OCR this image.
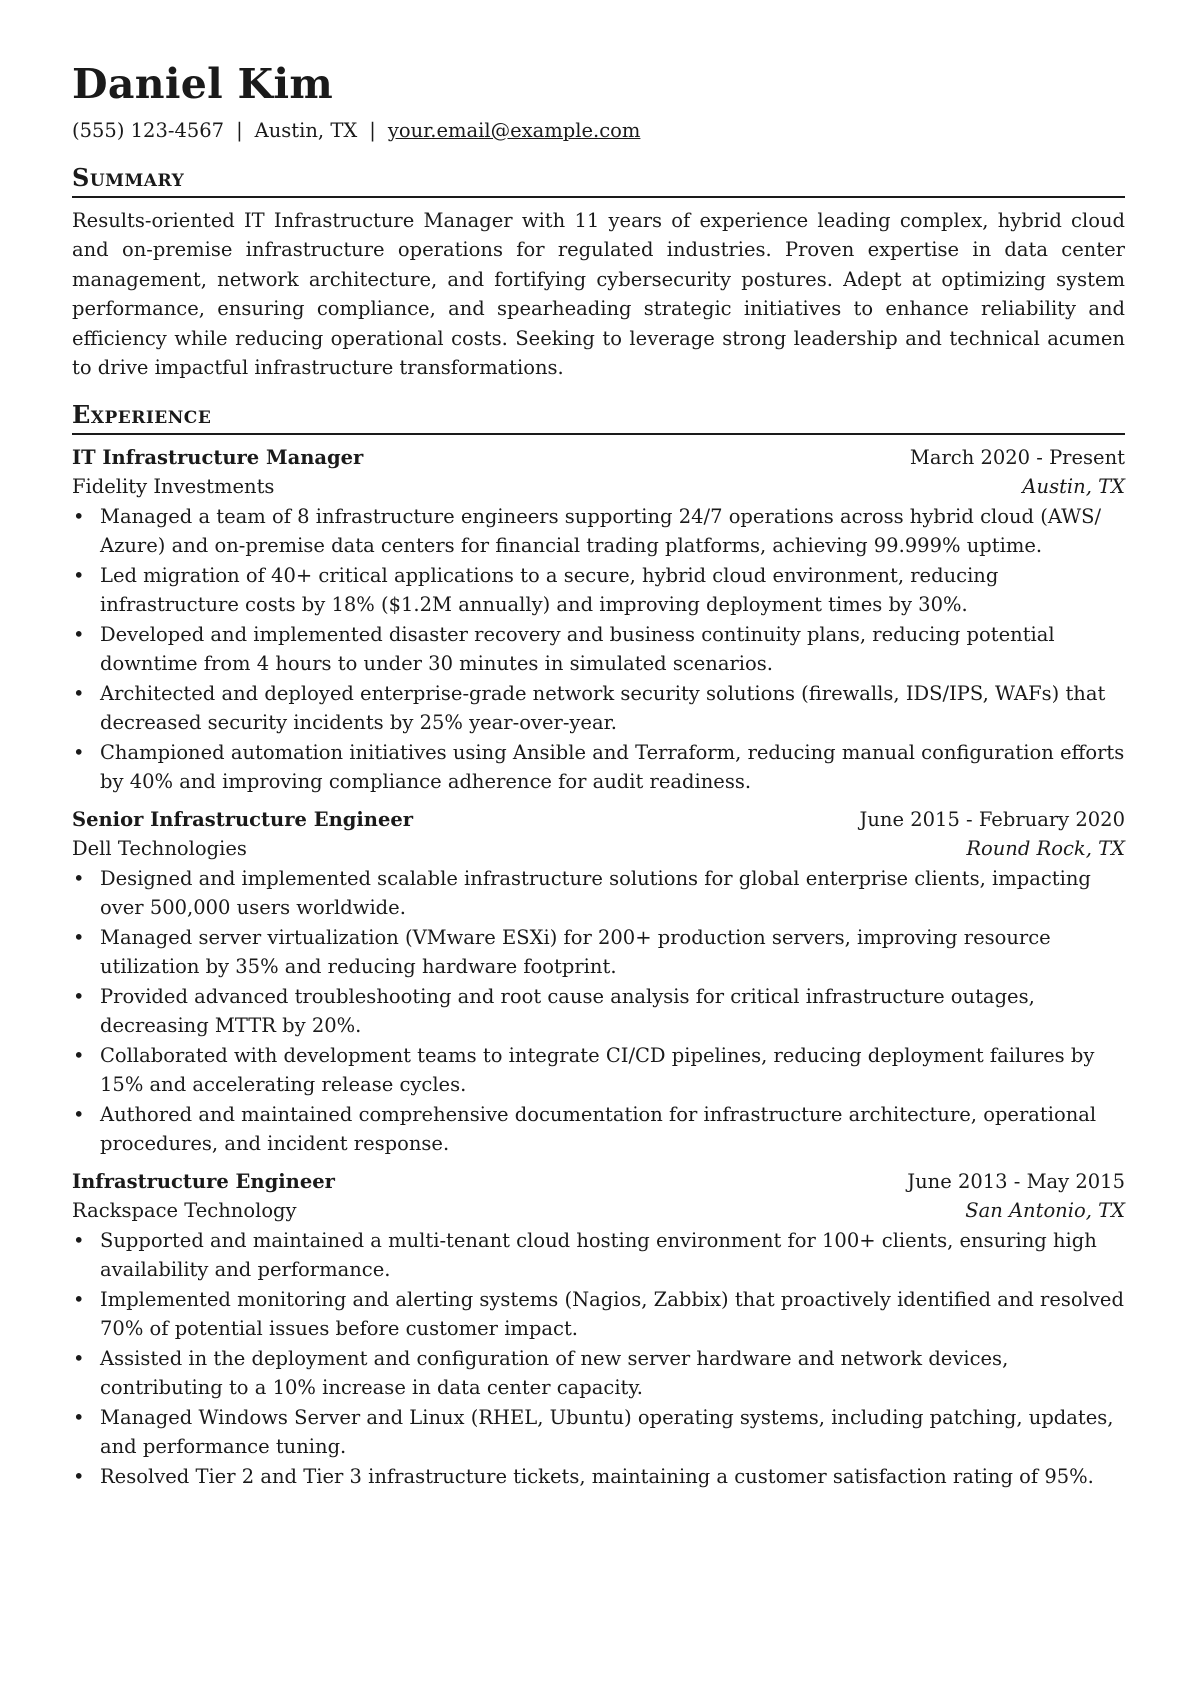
Daniel Kim
(555) 123-4567 | Austin, TX | your.email@example.com
Summary
Results-oriented IT Infrastructure Manager with 11 years of experience leading complex, hybrid cloud and on-premise infrastructure operations for regulated industries. Proven expertise in data center management, network architecture, and fortifying cybersecurity postures. Adept at optimizing system performance, ensuring compliance, and spearheading strategic initiatives to enhance reliability and efficiency while reducing operational costs. Seeking to leverage strong leadership and technical acumen to drive impactful infrastructure transformations.
Experience
IT Infrastructure Manager	March 2020 - Present
Fidelity Investments	Austin, TX
• Managed a team of 8 infrastructure engineers supporting 24/7 operations across hybrid cloud (AWS/ Azure) and on-premise data centers for financial trading platforms, achieving 99.999% uptime.
• Led migration of 40+ critical applications to a secure, hybrid cloud environment, reducing infrastructure costs by 18% ($1.2M annually) and improving deployment times by 30%.
• Developed and implemented disaster recovery and business continuity plans, reducing potential downtime from 4 hours to under 30 minutes in simulated scenarios.
• Architected and deployed enterprise-grade network security solutions (firewalls, IDS/IPS, WAFs) that decreased security incidents by 25% year-over-year.
• Championed automation initiatives using Ansible and Terraform, reducing manual configuration efforts by 40% and improving compliance adherence for audit readiness.
Senior Infrastructure Engineer	June 2015 - February 2020
Dell Technologies	Round Rock, TX
• Designed and implemented scalable infrastructure solutions for global enterprise clients, impacting over 500,000 users worldwide.
• Managed server virtualization (VMware ESXi) for 200+ production servers, improving resource utilization by 35% and reducing hardware footprint.
• Provided advanced troubleshooting and root cause analysis for critical infrastructure outages, decreasing MTTR by 20%.
• Collaborated with development teams to integrate CI/CD pipelines, reducing deployment failures by 15% and accelerating release cycles.
• Authored and maintained comprehensive documentation for infrastructure architecture, operational procedures, and incident response.
Infrastructure Engineer	June 2013 - May 2015
Rackspace Technology	San Antonio, TX
• Supported and maintained a multi-tenant cloud hosting environment for 100+ clients, ensuring high availability and performance.
• Implemented monitoring and alerting systems (Nagios, Zabbix) that proactively identified and resolved 70% of potential issues before customer impact.
• Assisted in the deployment and configuration of new server hardware and network devices, contributing to a 10% increase in data center capacity.
• Managed Windows Server and Linux (RHEL, Ubuntu) operating systems, including patching, updates, and performance tuning.
• Resolved Tier 2 and Tier 3 infrastructure tickets, maintaining a customer satisfaction rating of 95%.
